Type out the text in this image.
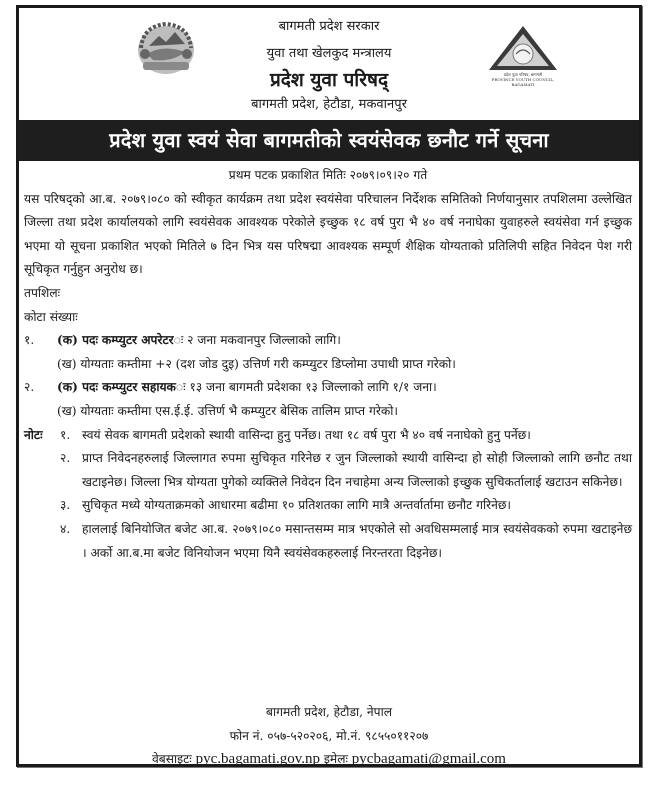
बागमती प्रदेश सरकार
युवा तथा खेलकुद मन्त्रालय
प्रदेश युवा परिषद्
बागमती प्रदेश, हेटौडा, मकवानपुर
प्रदेश युवा परिषद, बागमती
PROVINCE YOUTH COUNCIL, BAGAMATI
प्रदेश युवा स्वयं सेवा बागमतीको स्वयंसेवक छनौट गर्ने सूचना
प्रथम पटक प्रकाशित मितिः २०७९।०९।२० गते
यस परिषद्को आ.ब. २०७९।०८० को स्वीकृत कार्यक्रम तथा प्रदेश स्वयंसेवा परिचालन निर्देशक समितिको निर्णयानुसार तपशिलमा उल्लेखित जिल्ला तथा प्रदेश कार्यालयको लागि स्वयंसेवक आवश्यक परेकोले इच्छुक १८ वर्ष पुरा भै ४० वर्ष ननाघेका युवाहरुले स्वयंसेवा गर्न इच्छुक भएमा यो सूचना प्रकाशित भएको मितिले ७ दिन भित्र यस परिषद्मा आवश्यक सम्पूर्ण शैक्षिक योग्यताको प्रतिलिपी सहित निवेदन पेश गरी सूचिकृत गर्नुहुन अनुरोध छ।
तपशिलः
कोटा संख्याः
१.	(क) पदः कम्प्युटर अपरेटरः २ जना मकवानपुर जिल्लाको लागि।
(ख) योग्यताः कम्तीमा +२ (दश जोड दुइ) उत्तिर्ण गरी कम्प्युटर डिप्लोमा उपाधी प्राप्त गरेको।
२.	(क) पदः कम्प्युटर सहायकः १३ जना बागमती प्रदेशका १३ जिल्लाको लागि १/१ जना।
(ख) योग्यताः कम्तीमा एस.ई.ई. उत्तिर्ण भै कम्प्युटर बेसिक तालिम प्राप्त गरेको।
नोटः	१. स्वयं सेवक बागमती प्रदेशको स्थायी वासिन्दा हुनु पर्नेछ। तथा १८ वर्ष पुरा भै ४० वर्ष ननाघेको हुनु पर्नेछ।
२. प्राप्त निवेदनहरुलाई जिल्लागत रुपमा सुचिकृत गरिनेछ र जुन जिल्लाको स्थायी वासिन्दा हो सोही जिल्लाको लागि छनौट तथा खटाइनेछ। जिल्ला भित्र योग्यता पुगेको व्यक्तिले निवेदन दिन नचाहेमा अन्य जिल्लाको इच्छुक सुचिकर्तालाई खटाउन सकिनेछ।
३. सुचिकृत मध्ये योग्यताक्रमको आधारमा बढीमा १० प्रतिशतका लागि मात्रै अन्तर्वार्तामा छनौट गरिनेछ।
४. हाललाई बिनियोजित बजेट आ.ब. २०७९।०८० मसान्तसम्म मात्र भएकोले सो अवधिसम्मलाई मात्र स्वयंसेवकको रुपमा खटाइनेछ । अर्को आ.ब.मा बजेट विनियोजन भएमा यिनै स्वयंसेवकहरुलाई निरन्तरता दिइनेछ।
बागमती प्रदेश, हेटौडा, नेपाल
फोन नं. ०५७-५२०२०६, मो.नं. ९८५५०११२०७
वेबसाइटः pyc.bagamati.gov.np इमेलः pycbagamati@gmail.com
